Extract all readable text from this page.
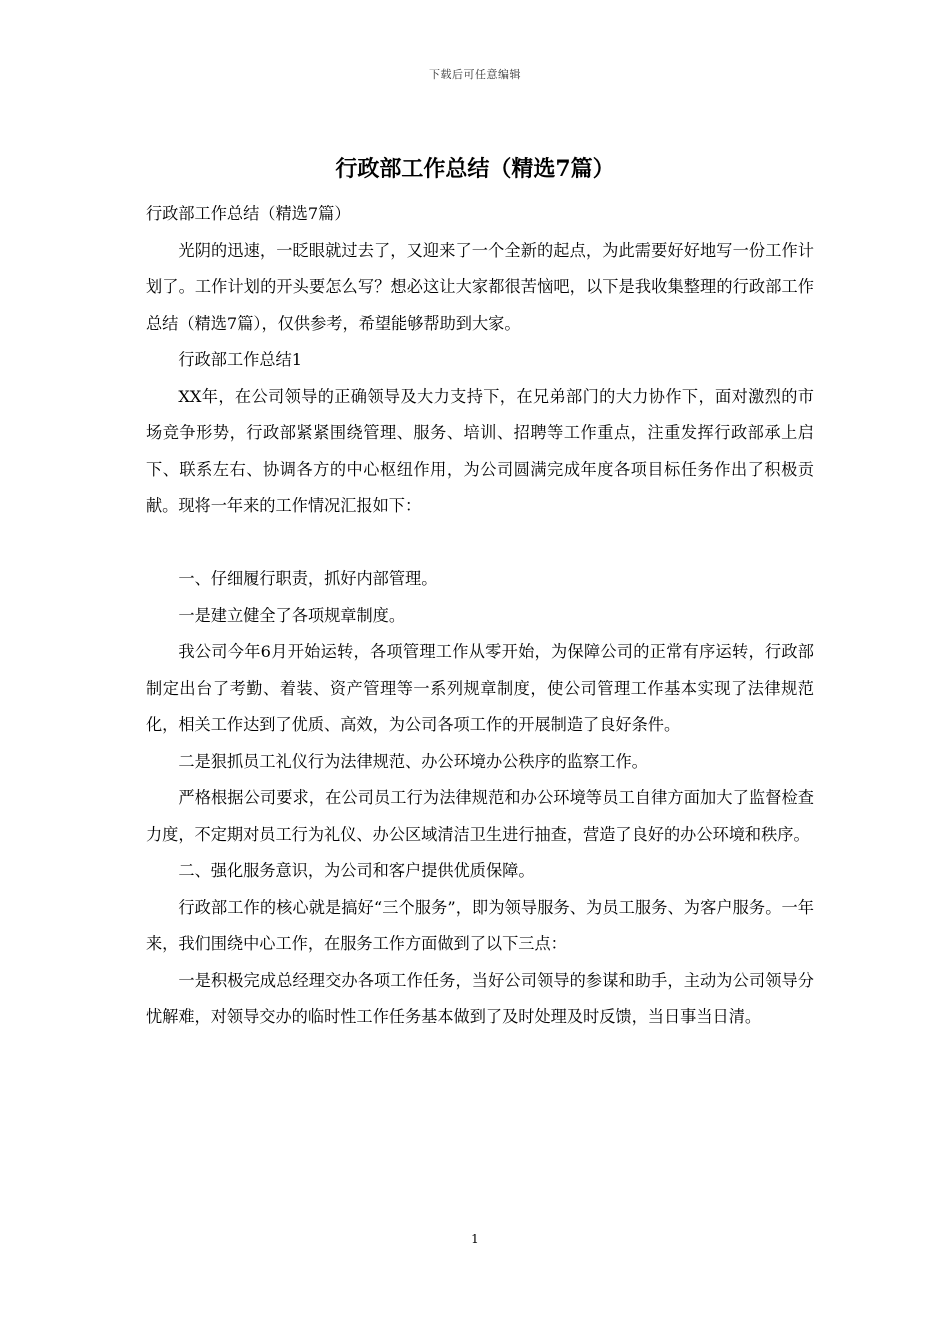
下载后可任意编辑
行政部工作总结（精选7篇）

行政部工作总结（精选7篇）

光阴的迅速，一眨眼就过去了，又迎来了一个全新的起点，为此需要好好地写一份工作计划了。工作计划的开头要怎么写？想必这让大家都很苦恼吧，以下是我收集整理的行政部工作总结（精选7篇），仅供参考，希望能够帮助到大家。

行政部工作总结1

XX年，在公司领导的正确领导及大力支持下，在兄弟部门的大力协作下，面对激烈的市场竞争形势，行政部紧紧围绕管理、服务、培训、招聘等工作重点，注重发挥行政部承上启下、联系左右、协调各方的中心枢纽作用，为公司圆满完成年度各项目标任务作出了积极贡献。现将一年来的工作情况汇报如下：

一、仔细履行职责，抓好内部管理。

一是建立健全了各项规章制度。

我公司今年6月开始运转，各项管理工作从零开始，为保障公司的正常有序运转，行政部制定出台了考勤、着装、资产管理等一系列规章制度，使公司管理工作基本实现了法律规范化，相关工作达到了优质、高效，为公司各项工作的开展制造了良好条件。

二是狠抓员工礼仪行为法律规范、办公环境办公秩序的监察工作。

严格根据公司要求，在公司员工行为法律规范和办公环境等员工自律方面加大了监督检查力度，不定期对员工行为礼仪、办公区域清洁卫生进行抽查，营造了良好的办公环境和秩序。

二、强化服务意识，为公司和客户提供优质保障。

行政部工作的核心就是搞好“三个服务”，即为领导服务、为员工服务、为客户服务。一年来，我们围绕中心工作，在服务工作方面做到了以下三点：

一是积极完成总经理交办各项工作任务，当好公司领导的参谋和助手，主动为公司领导分忧解难，对领导交办的临时性工作任务基本做到了及时处理及时反馈，当日事当日清。

1
